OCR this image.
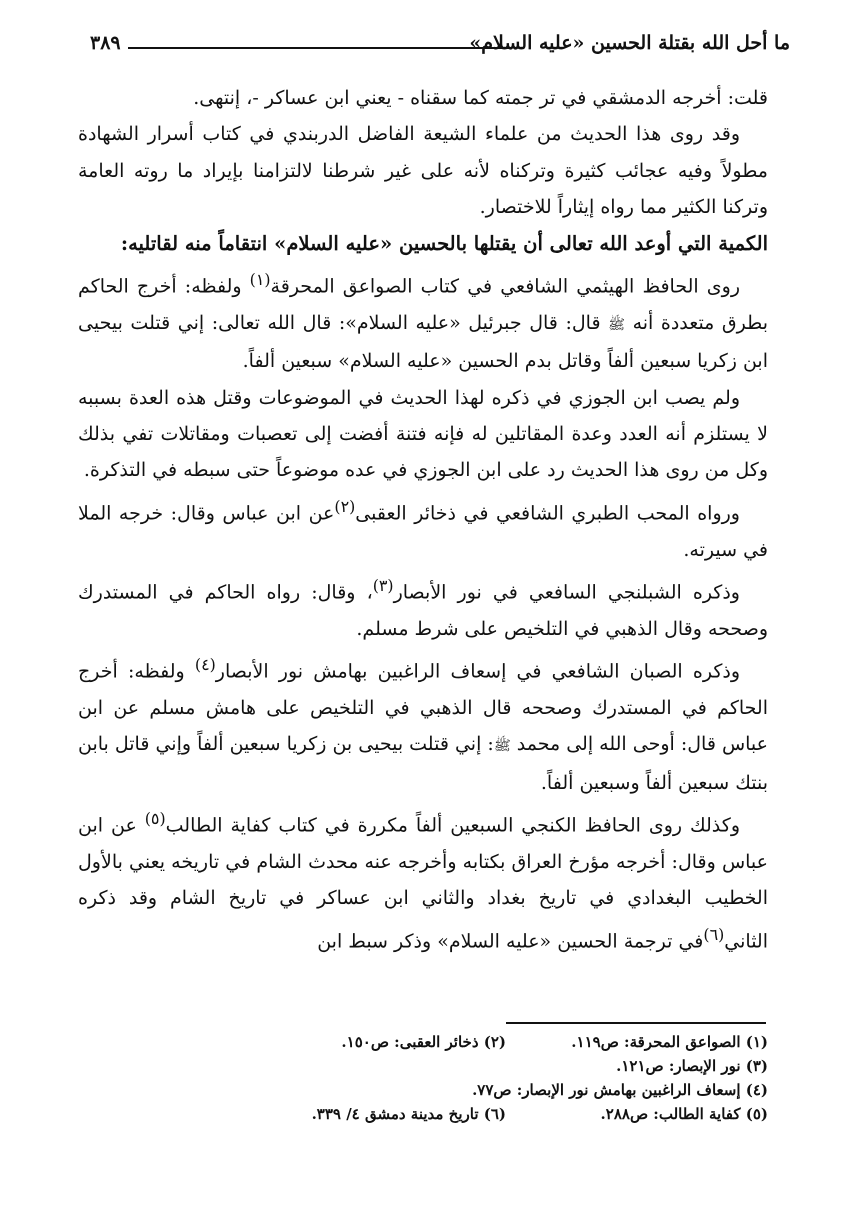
ما أحل الله بقتلة الحسين «عليه السلام»
٣٨٩

قلت: أخرجه الدمشقي في تر جمته كما سقناه - يعني ابن عساكر -، إنتهى.

وقد روى هذا الحديث من علماء الشيعة الفاضل الدربندي في كتاب أسرار الشهادة مطولاً وفيه عجائب كثيرة وتركناه لأنه على غير شرطنا لالتزامنا بإيراد ما روته العامة وتركنا الكثير مما رواه إيثاراً للاختصار.

الكمية التي أوعد الله تعالى أن يقتلها بالحسين «عليه السلام» انتقاماً منه لقاتليه:

روى الحافظ الهيثمي الشافعي في كتاب الصواعق المحرقة$^{(١)}$ ولفظه: أخرج الحاكم بطرق متعددة أنه ﷺ قال: قال جبرئيل «عليه السلام»: قال الله تعالى: إني قتلت بيحيى ابن زكريا سبعين ألفاً وقاتل بدم الحسين «عليه السلام» سبعين ألفاً.

ولم يصب ابن الجوزي في ذكره لهذا الحديث في الموضوعات وقتل هذه العدة بسببه لا يستلزم أنه العدد وعدة المقاتلين له فإنه فتنة أفضت إلى تعصبات ومقاتلات تفي بذلك وكل من روى هذا الحديث رد على ابن الجوزي في عده موضوعاً حتى سبطه في التذكرة.

ورواه المحب الطبري الشافعي في ذخائر العقبى$^{(٢)}$عن ابن عباس وقال: خرجه الملا في سيرته.

وذكره الشبلنجي السافعي في نور الأبصار$^{(٣)}$، وقال: رواه الحاكم في المستدرك وصححه وقال الذهبي في التلخيص على شرط مسلم.

وذكره الصبان الشافعي في إسعاف الراغبين بهامش نور الأبصار$^{(٤)}$ ولفظه: أخرج الحاكم في المستدرك وصححه قال الذهبي في التلخيص على هامش مسلم عن ابن عباس قال: أوحى الله إلى محمد ﷺ: إني قتلت بيحيى بن زكريا سبعين ألفاً وإني قاتل بابن بنتك سبعين ألفاً وسبعين ألفاً.

وكذلك روى الحافظ الكنجي السبعين ألفاً مكررة في كتاب كفاية الطالب$^{(٥)}$ عن ابن عباس وقال: أخرجه مؤرخ العراق بكتابه وأخرجه عنه محدث الشام في تاريخه يعني بالأول الخطيب البغدادي في تاريخ بغداد والثاني ابن عساكر في تاريخ الشام وقد ذكره الثاني$^{(٦)}$في ترجمة الحسين «عليه السلام» وذكر سبط ابن

(١) الصواعق المحرقة: ص١١٩.
(٢) ذخائر العقبى: ص١٥٠.
(٣) نور الإبصار: ص١٢١.
(٤) إسعاف الراغبين بهامش نور الإبصار: ص٧٧.
(٥) كفاية الطالب: ص٢٨٨.
(٦) تاريخ مدينة دمشق ٤/ ٣٣٩.
